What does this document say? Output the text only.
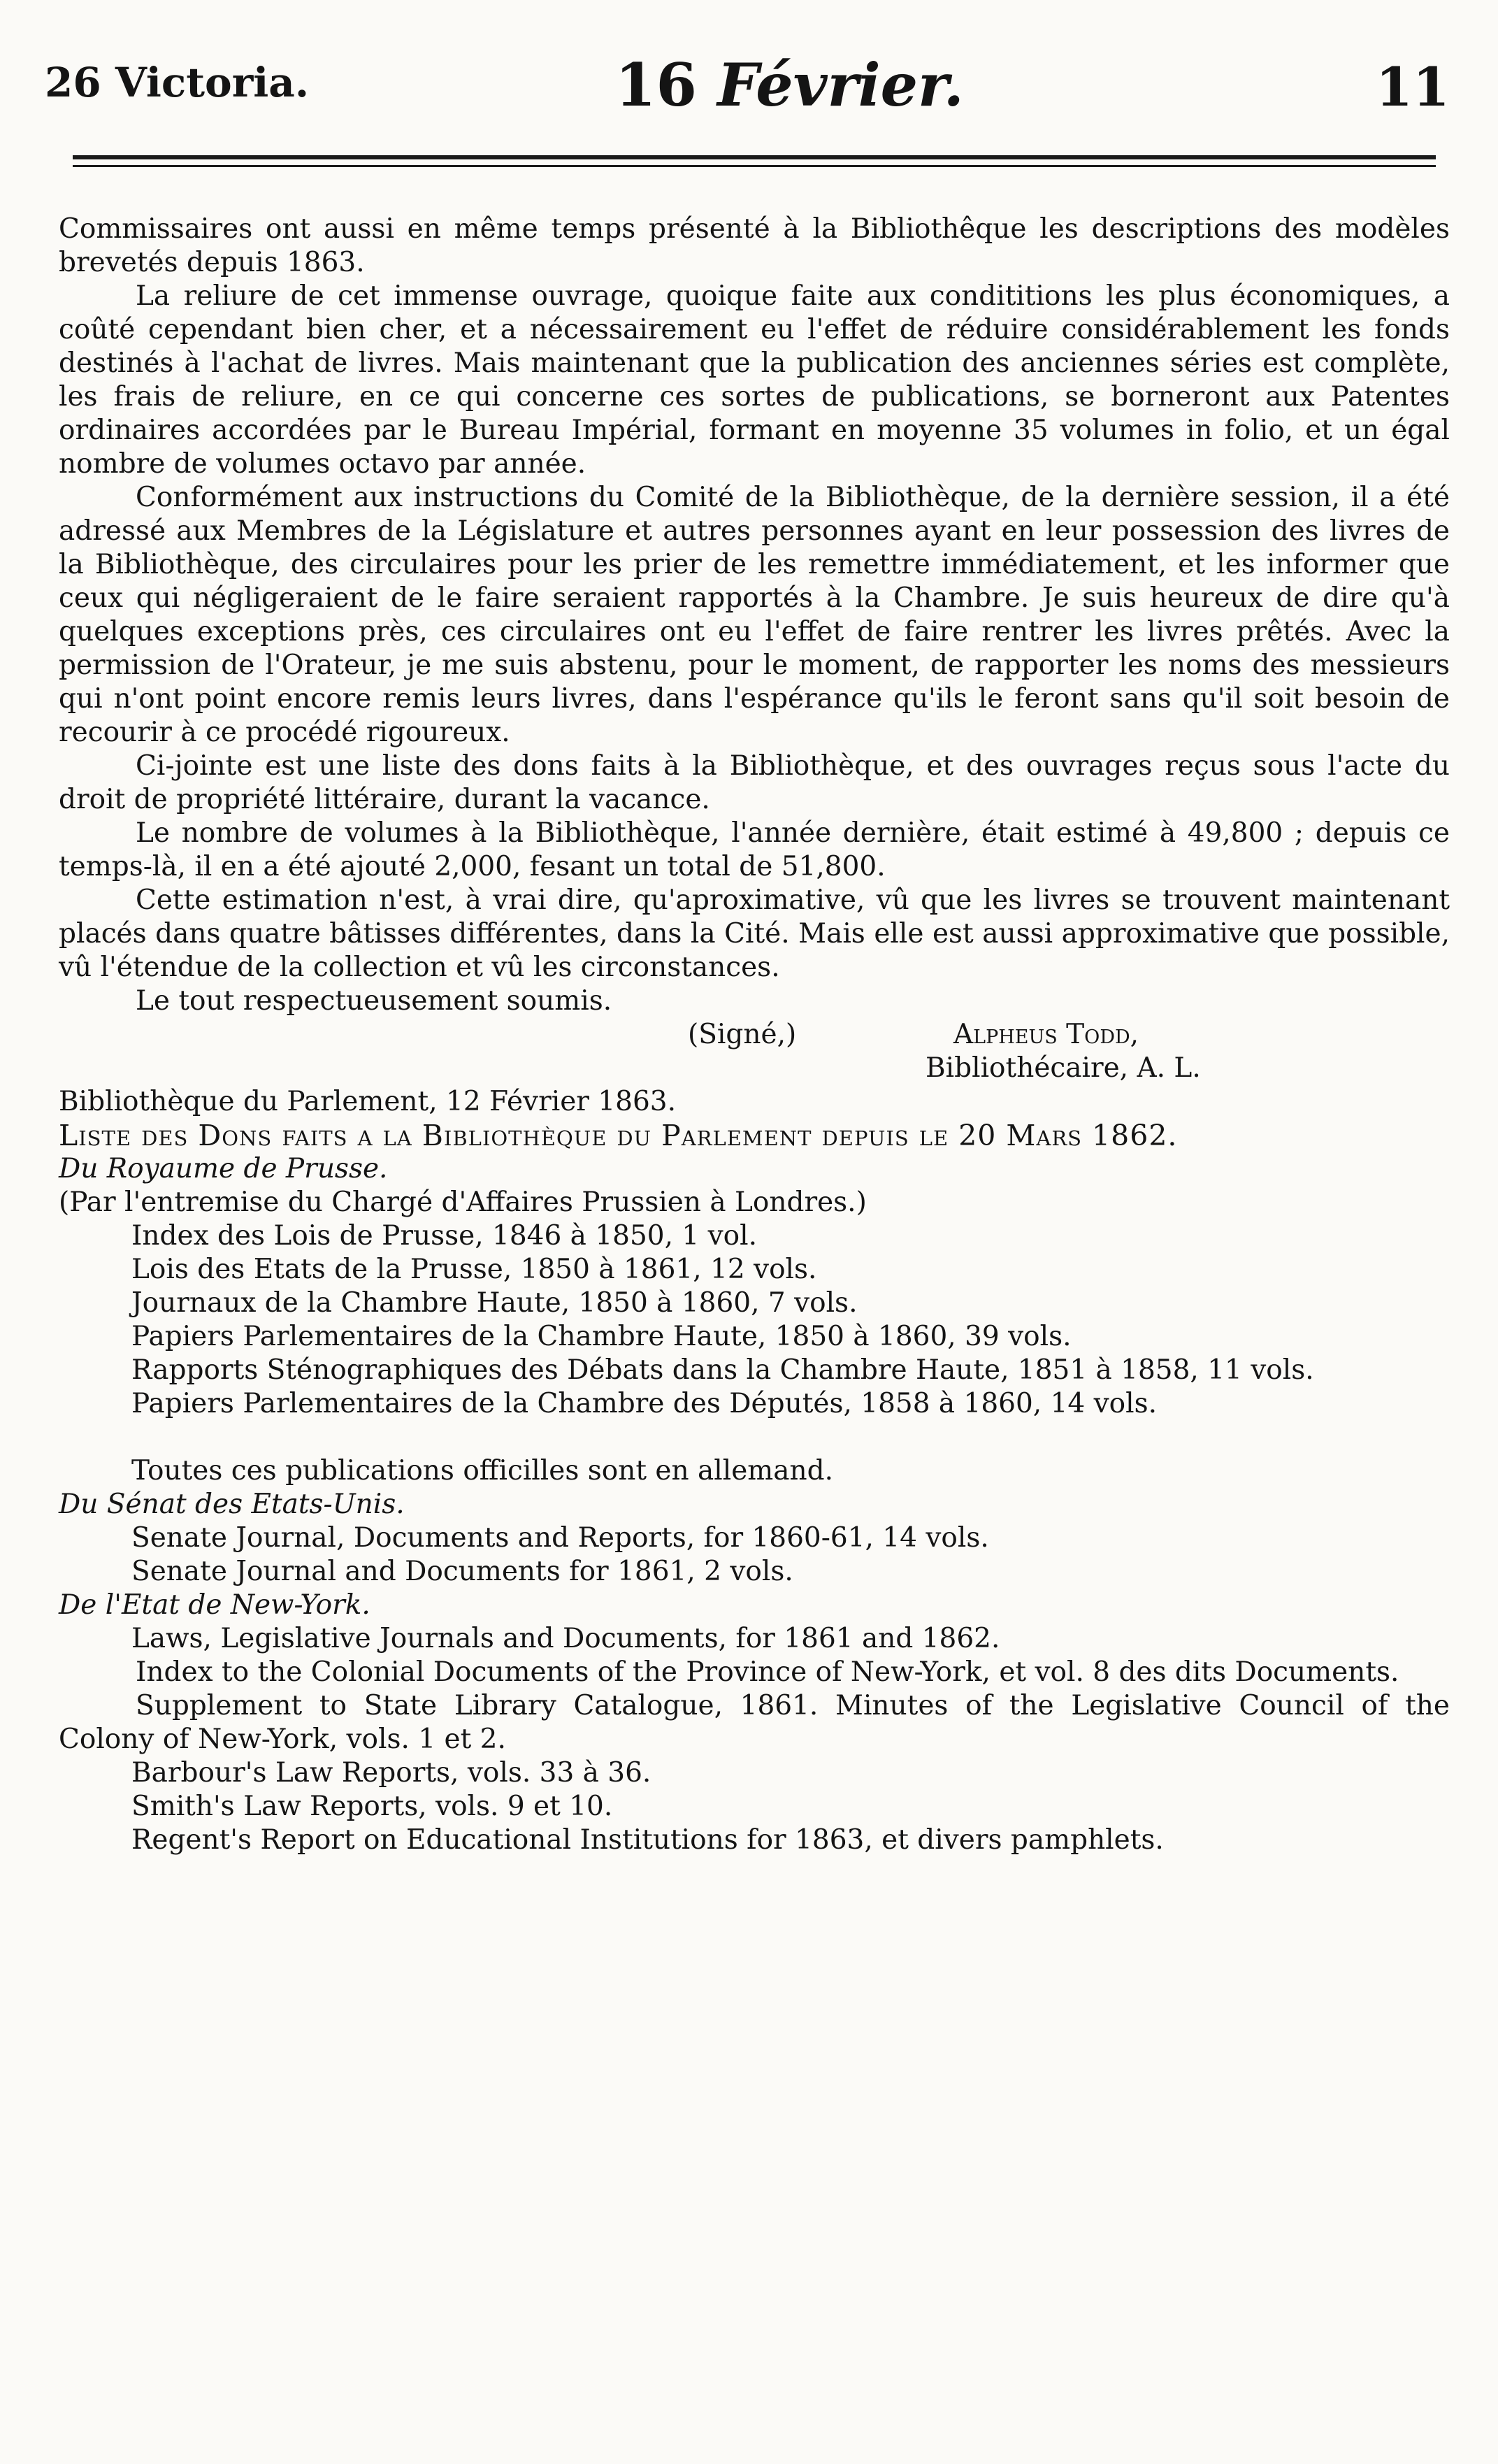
26 Victoria.	16 Février.	11

Commissaires ont aussi en même temps présenté à la Bibliothêque les descriptions des modèles brevetés depuis 1863.

La reliure de cet immense ouvrage, quoique faite aux condititions les plus économiques, a coûté cependant bien cher, et a nécessairement eu l'effet de réduire considérablement les fonds destinés à l'achat de livres. Mais maintenant que la publication des anciennes séries est complète, les frais de reliure, en ce qui concerne ces sortes de publications, se borneront aux Patentes ordinaires accordées par le Bureau Impérial, formant en moyenne 35 volumes in folio, et un égal nombre de volumes octavo par année.

Conformément aux instructions du Comité de la Bibliothèque, de la dernière session, il a été adressé aux Membres de la Législature et autres personnes ayant en leur possession des livres de la Bibliothèque, des circulaires pour les prier de les remettre immédiatement, et les informer que ceux qui négligeraient de le faire seraient rapportés à la Chambre. Je suis heureux de dire qu'à quelques exceptions près, ces circulaires ont eu l'effet de faire rentrer les livres prêtés. Avec la permission de l'Orateur, je me suis abstenu, pour le moment, de rapporter les noms des messieurs qui n'ont point encore remis leurs livres, dans l'espérance qu'ils le feront sans qu'il soit besoin de recourir à ce procédé rigoureux.

Ci-jointe est une liste des dons faits à la Bibliothèque, et des ouvrages reçus sous l'acte du droit de propriété littéraire, durant la vacance.

Le nombre de volumes à la Bibliothèque, l'année dernière, était estimé à 49,800 ; depuis ce temps-là, il en a été ajouté 2,000, fesant un total de 51,800.

Cette estimation n'est, à vrai dire, qu'aproximative, vû que les livres se trouvent maintenant placés dans quatre bâtisses différentes, dans la Cité. Mais elle est aussi approximative que possible, vû l'étendue de la collection et vû les circonstances.

Le tout respectueusement soumis.

(Signé,)	Alpheus Todd,
Bibliothécaire, A. L.

Bibliothèque du Parlement, 12 Février 1863.

Liste des Dons faits a la Bibliothèque du Parlement depuis le 20 Mars 1862.

Du Royaume de Prusse.

(Par l'entremise du Chargé d'Affaires Prussien à Londres.)

Index des Lois de Prusse, 1846 à 1850, 1 vol.

Lois des Etats de la Prusse, 1850 à 1861, 12 vols.

Journaux de la Chambre Haute, 1850 à 1860, 7 vols.

Papiers Parlementaires de la Chambre Haute, 1850 à 1860, 39 vols.

Rapports Sténographiques des Débats dans la Chambre Haute, 1851 à 1858, 11 vols.

Papiers Parlementaires de la Chambre des Députés, 1858 à 1860, 14 vols.

Toutes ces publications officilles sont en allemand.

Du Sénat des Etats-Unis.

Senate Journal, Documents and Reports, for 1860-61, 14 vols.

Senate Journal and Documents for 1861, 2 vols.

De l'Etat de New-York.

Laws, Legislative Journals and Documents, for 1861 and 1862.

Index to the Colonial Documents of the Province of New-York, et vol. 8 des dits Documents.

Supplement to State Library Catalogue, 1861. Minutes of the Legislative Council of the Colony of New-York, vols. 1 et 2.

Barbour's Law Reports, vols. 33 à 36.

Smith's Law Reports, vols. 9 et 10.

Regent's Report on Educational Institutions for 1863, et divers pamphlets.
